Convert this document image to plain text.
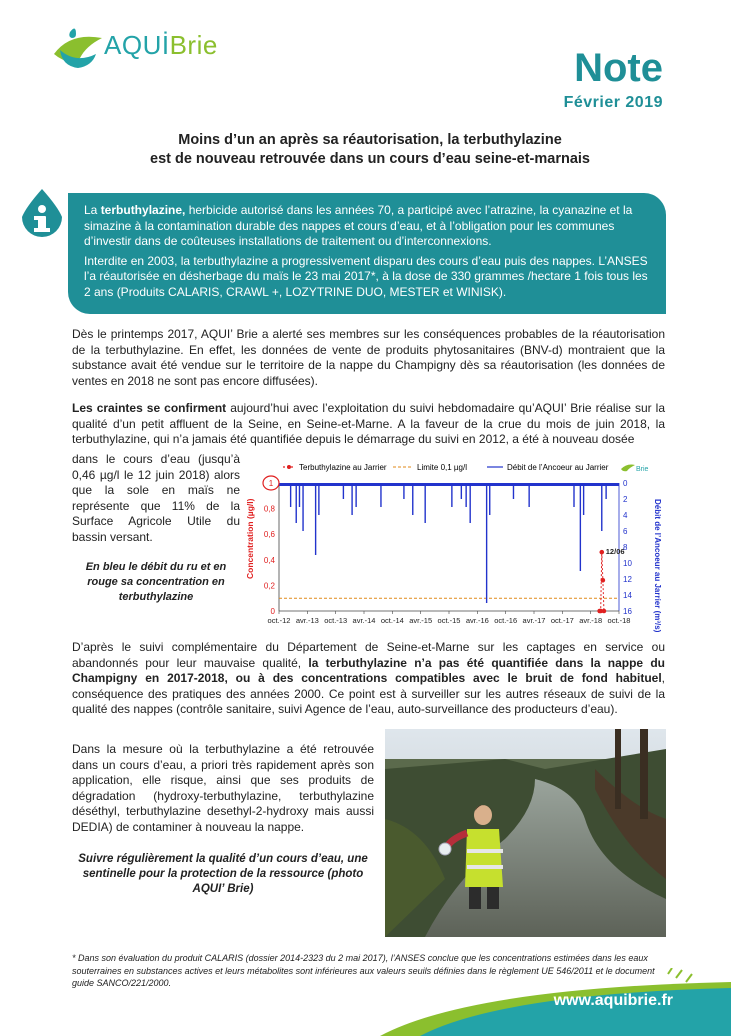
AQUİBrie
Note
Février 2019
Moins d’un an après sa réautorisation, la terbuthylazine
est de nouveau retrouvée dans un cours d’eau seine-et-marnais

La terbuthylazine, herbicide autorisé dans les années 70, a participé avec l’atrazine, la cyanazine et la simazine à la contamination durable des nappes et cours d’eau, et à l’obligation pour les communes d’investir dans de coûteuses installations de traitement ou d’interconnexions.

Interdite en 2003, la terbuthylazine a progressivement disparu des cours d’eau puis des nappes. L’ANSES l’a réautorisée en désherbage du maïs le 23 mai 2017*, à la dose de 330 grammes /hectare 1 fois tous les 2 ans (Produits CALARIS, CRAWL +, LOZYTRINE DUO, MESTER et WINISK).

Dès le printemps 2017, AQUI’ Brie a alerté ses membres sur les conséquences probables de la réautorisation de la terbuthylazine. En effet, les données de vente de produits phytosanitaires (BNV-d) montraient que la substance avait été vendue sur le territoire de la nappe du Champigny dès sa réautorisation (les données de ventes en 2018 ne sont pas encore diffusées).
Les craintes se confirment aujourd’hui avec l’exploitation du suivi hebdomadaire qu’AQUI’ Brie réalise sur la qualité d’un petit affluent de la Seine, en Seine-et-Marne. A la faveur de la crue du mois de juin 2018, la terbuthylazine, qui n’a jamais été quantifiée depuis le démarrage du suivi en 2012, a été à nouveau dosée
dans le cours d’eau (jusqu’à 0,46 µg/l le 12 juin 2018) alors que la sole en maïs ne représente que 11% de la Surface Agricole Utile du bassin versant.
En bleu le débit du ru et en rouge sa concentration en terbuthylazine
Terbuthylazine au Jarrier	Limite 0,1 µg/l	Débit de l’Ancoeur au Jarrier	Brie
Concentration (µg/l)	Débit de l’Ancoeur au Jarrier (m³/s)
0
0,2
0,4
0,6
0,8
0
2
4
6
8
10
12
14
16
oct.-12 avr.-13 oct.-13 avr.-14 oct.-14 avr.-15 oct.-15 avr.-16 oct.-16 avr.-17 oct.-17 avr.-18 oct.-18
12/06
1
D’après le suivi complémentaire du Département de Seine-et-Marne sur les captages en service ou abandonnés pour leur mauvaise qualité, la terbuthylazine n’a pas été quantifiée dans la nappe du Champigny en 2017-2018, ou à des concentrations compatibles avec le bruit de fond habituel, conséquence des pratiques des années 2000. Ce point est à surveiller sur les autres réseaux de suivi de la qualité des nappes (contrôle sanitaire, suivi Agence de l’eau, auto-surveillance des producteurs d’eau).
Dans la mesure où la terbuthylazine a été retrouvée dans un cours d’eau, a priori très rapidement après son application, elle risque, ainsi que ses produits de dégradation (hydroxy-terbuthylazine, terbuthylazine déséthyl, terbuthylazine desethyl-2-hydroxy mais aussi DEDIA) de contaminer à nouveau la nappe.
Suivre régulièrement la qualité d’un cours d’eau, une sentinelle pour la protection de la ressource (photo AQUI’ Brie)
* Dans son évaluation du produit CALARIS (dossier 2014-2323 du 2 mai 2017), l’ANSES conclue que les concentrations estimées dans les eaux souterraines en substances actives et leurs métabolites sont inférieures aux valeurs seuils définies dans le règlement UE 546/2011 et le document guide SANCO/221/2000.
www.aquibrie.fr
